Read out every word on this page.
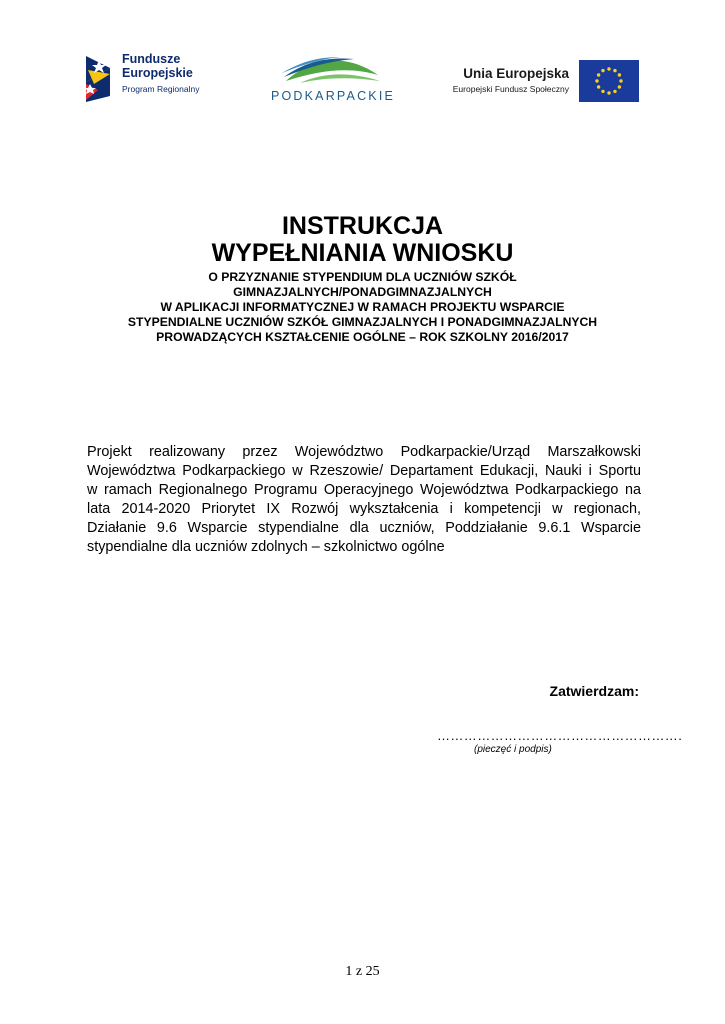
Fundusze
Europejskie
Program Regionalny	PODKARPACKIE
Unia Europejska
Europejski Fundusz Społeczny
INSTRUKCJA
WYPEŁNIANIA WNIOSKU
O PRZYZNANIE STYPENDIUM DLA UCZNIÓW SZKÓŁ
GIMNAZJALNYCH/PONADGIMNAZJALNYCH
W APLIKACJI INFORMATYCZNEJ W RAMACH PROJEKTU WSPARCIE
STYPENDIALNE UCZNIÓW SZKÓŁ GIMNAZJALNYCH I PONADGIMNAZJALNYCH
PROWADZĄCYCH KSZTAŁCENIE OGÓLNE – ROK SZKOLNY 2016/2017
Projekt realizowany przez Województwo Podkarpackie/Urząd Marszałkowski
Województwa Podkarpackiego w Rzeszowie/ Departament Edukacji, Nauki i Sportu
w ramach Regionalnego Programu Operacyjnego Województwa Podkarpackiego na
lata 2014-2020 Priorytet IX Rozwój wykształcenia i kompetencji w regionach,
Działanie 9.6 Wsparcie stypendialne dla uczniów, Poddziałanie 9.6.1 Wsparcie
stypendialne dla uczniów zdolnych – szkolnictwo ogólne
Zatwierdzam:
……………………………………………….
(pieczęć i podpis)
1 z 25
